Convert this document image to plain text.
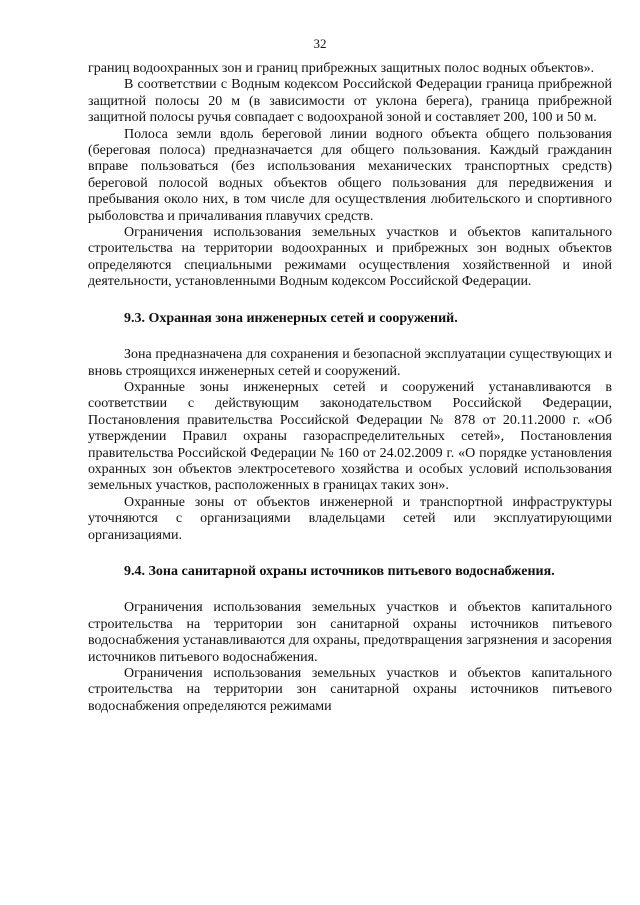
32

границ водоохранных зон и границ прибрежных защитных полос водных объектов».

В соответствии с Водным кодексом Российской Федерации граница прибрежной защитной полосы 20 м (в зависимости от уклона берега), граница прибрежной защитной полосы ручья совпадает с водоохраной зоной и составляет 200, 100 и 50 м.

Полоса земли вдоль береговой линии водного объекта общего пользования (береговая полоса) предназначается для общего пользования. Каждый гражданин вправе пользоваться (без использования механических транспортных средств) береговой полосой водных объектов общего пользования для передвижения и пребывания около них, в том числе для осуществления любительского и спортивного рыболовства и причаливания плавучих средств.

Ограничения использования земельных участков и объектов капитального строительства на территории водоохранных и прибрежных зон водных объектов определяются специальными режимами осуществления хозяйственной и иной деятельности, установленными Водным кодексом Российской Федерации.

9.3. Охранная зона инженерных сетей и сооружений.

Зона предназначена для сохранения и безопасной эксплуатации существующих и вновь строящихся инженерных сетей и сооружений.

Охранные зоны инженерных сетей и сооружений устанавливаются в соответствии с действующим законодательством Российской Федерации, Постановления правительства Российской Федерации № 878 от 20.11.2000 г. «Об утверждении Правил охраны газораспределительных сетей», Постановления правительства Российской Федерации № 160 от 24.02.2009 г. «О порядке установления охранных зон объектов электросетевого хозяйства и особых условий использования земельных участков, расположенных в границах таких зон».

Охранные зоны от объектов инженерной и транспортной инфраструктуры уточняются с организациями владельцами сетей или эксплуатирующими организациями.

9.4. Зона санитарной охраны источников питьевого водоснабжения.

Ограничения использования земельных участков и объектов капитального строительства на территории зон санитарной охраны источников питьевого водоснабжения устанавливаются для охраны, предотвращения загрязнения и засорения источников питьевого водоснабжения.

Ограничения использования земельных участков и объектов капитального строительства на территории зон санитарной охраны источников питьевого водоснабжения определяются режимами
